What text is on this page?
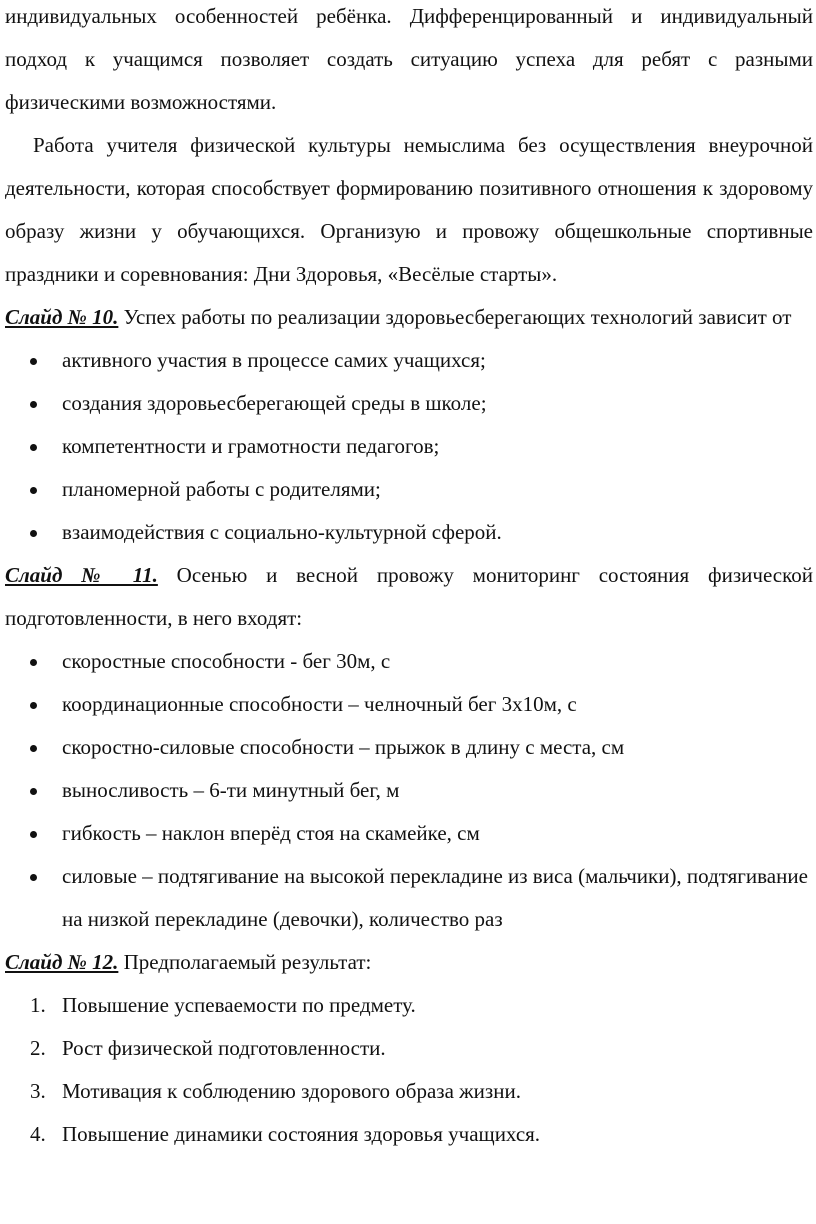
индивидуальных особенностей ребёнка. Дифференцированный и индивидуальный подход к учащимся позволяет создать ситуацию успеха для ребят с разными физическими возможностями.

Работа учителя физической культуры немыслима без осуществления внеурочной деятельности, которая способствует формированию позитивного отношения к здоровому образу жизни у обучающихся. Организую и провожу общешкольные спортивные праздники и соревнования: Дни Здоровья, «Весёлые старты».

Слайд № 10. Успех работы по реализации здоровьесберегающих технологий зависит от

активного участия в процессе самих учащихся;
создания здоровьесберегающей среды в школе;
компетентности и грамотности педагогов;
планомерной работы с родителями;
взаимодействия с социально-культурной сферой.

Слайд № 11. Осенью и весной провожу мониторинг состояния физической подготовленности, в него входят:

скоростные способности - бег 30м, с
координационные способности – челночный бег 3х10м, с
скоростно-силовые способности – прыжок в длину с места, см
выносливость – 6-ти минутный бег, м
гибкость – наклон вперёд стоя на скамейке, см
силовые – подтягивание на высокой перекладине из виса (мальчики), подтягивание на низкой перекладине (девочки), количество раз

Слайд № 12. Предполагаемый результат:

1. Повышение успеваемости по предмету.
2. Рост физической подготовленности.
3. Мотивация к соблюдению здорового образа жизни.
4. Повышение динамики состояния здоровья учащихся.
